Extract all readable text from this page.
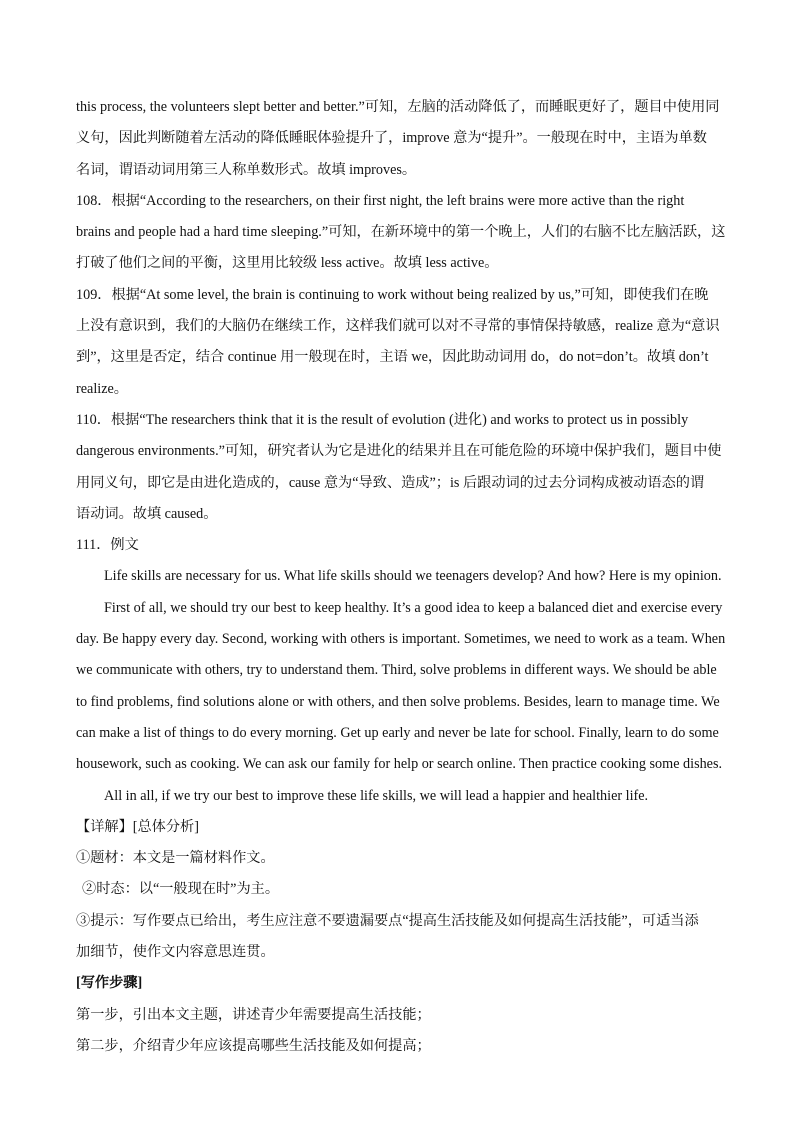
this process, the volunteers slept better and better.”可知，左脑的活动降低了，而睡眠更好了，题目中使用同

义句，因此判断随着左活动的降低睡眠体验提升了，improve 意为“提升”。一般现在时中，主语为单数

名词，谓语动词用第三人称单数形式。故填 improves。

108．根据“According to the researchers, on their first night, the left brains were more active than the right

brains and people had a hard time sleeping.”可知，在新环境中的第一个晚上，人们的右脑不比左脑活跃，这

打破了他们之间的平衡，这里用比较级 less active。故填 less active。

109．根据“At some level, the brain is continuing to work without being realized by us,”可知，即使我们在晚

上没有意识到，我们的大脑仍在继续工作，这样我们就可以对不寻常的事情保持敏感，realize 意为“意识

到”，这里是否定，结合 continue 用一般现在时，主语 we，因此助动词用 do，do not=don’t。故填 don’t

realize。

110．根据“The researchers think that it is the result of evolution (进化) and works to protect us in possibly

dangerous environments.”可知，研究者认为它是进化的结果并且在可能危险的环境中保护我们，题目中使

用同义句，即它是由进化造成的，cause 意为“导致、造成”；is 后跟动词的过去分词构成被动语态的谓

语动词。故填 caused。

111．例文

Life skills are necessary for us. What life skills should we teenagers develop? And how? Here is my opinion.

First of all, we should try our best to keep healthy. It’s a good idea to keep a balanced diet and exercise every

day. Be happy every day. Second, working with others is important. Sometimes, we need to work as a team. When

we communicate with others, try to understand them. Third, solve problems in different ways. We should be able

to find problems, find solutions alone or with others, and then solve problems. Besides, learn to manage time. We

can make a list of things to do every morning. Get up early and never be late for school. Finally, learn to do some

housework, such as cooking. We can ask our family for help or search online. Then practice cooking some dishes.

All in all, if we try our best to improve these life skills, we will lead a happier and healthier life.

【详解】[总体分析]

①题材：本文是一篇材料作文。

②时态：以“一般现在时”为主。

③提示：写作要点已给出，考生应注意不要遗漏要点“提高生活技能及如何提高生活技能”，可适当添

加细节，使作文内容意思连贯。

[写作步骤]

第一步，引出本文主题，讲述青少年需要提高生活技能；

第二步，介绍青少年应该提高哪些生活技能及如何提高；
